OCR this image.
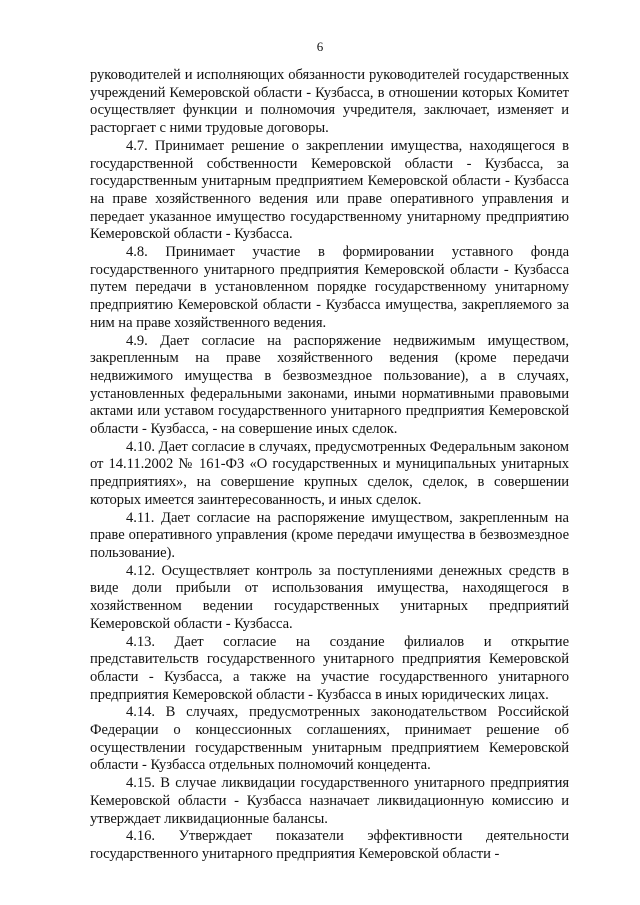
6

руководителей и исполняющих обязанности руководителей государственных учреждений Кемеровской области - Кузбасса, в отношении которых Комитет осуществляет функции и полномочия учредителя, заключает, изменяет и расторгает с ними трудовые договоры.

4.7. Принимает решение о закреплении имущества, находящегося в государственной собственности Кемеровской области - Кузбасса, за государственным унитарным предприятием Кемеровской области - Кузбасса на праве хозяйственного ведения или праве оперативного управления и передает указанное имущество государственному унитарному предприятию Кемеровской области - Кузбасса.

4.8. Принимает участие в формировании уставного фонда государственного унитарного предприятия Кемеровской области - Кузбасса путем передачи в установленном порядке государственному унитарному предприятию Кемеровской области - Кузбасса имущества, закрепляемого за ним на праве хозяйственного ведения.

4.9. Дает согласие на распоряжение недвижимым имуществом, закрепленным на праве хозяйственного ведения (кроме передачи недвижимого имущества в безвозмездное пользование), а в случаях, установленных федеральными законами, иными нормативными правовыми актами или уставом государственного унитарного предприятия Кемеровской области - Кузбасса, - на совершение иных сделок.

4.10. Дает согласие в случаях, предусмотренных Федеральным законом от 14.11.2002 № 161-ФЗ «О государственных и муниципальных унитарных предприятиях», на совершение крупных сделок, сделок, в совершении которых имеется заинтересованность, и иных сделок.

4.11. Дает согласие на распоряжение имуществом, закрепленным на праве оперативного управления (кроме передачи имущества в безвозмездное пользование).

4.12. Осуществляет контроль за поступлениями денежных средств в виде доли прибыли от использования имущества, находящегося в хозяйственном ведении государственных унитарных предприятий Кемеровской области - Кузбасса.

4.13. Дает согласие на создание филиалов и открытие представительств государственного унитарного предприятия Кемеровской области - Кузбасса, а также на участие государственного унитарного предприятия Кемеровской области - Кузбасса в иных юридических лицах.

4.14. В случаях, предусмотренных законодательством Российской Федерации о концессионных соглашениях, принимает решение об осуществлении государственным унитарным предприятием Кемеровской области - Кузбасса отдельных полномочий концедента.

4.15. В случае ликвидации государственного унитарного предприятия Кемеровской области - Кузбасса назначает ликвидационную комиссию и утверждает ликвидационные балансы.

4.16. Утверждает показатели эффективности деятельности государственного унитарного предприятия Кемеровской области -
